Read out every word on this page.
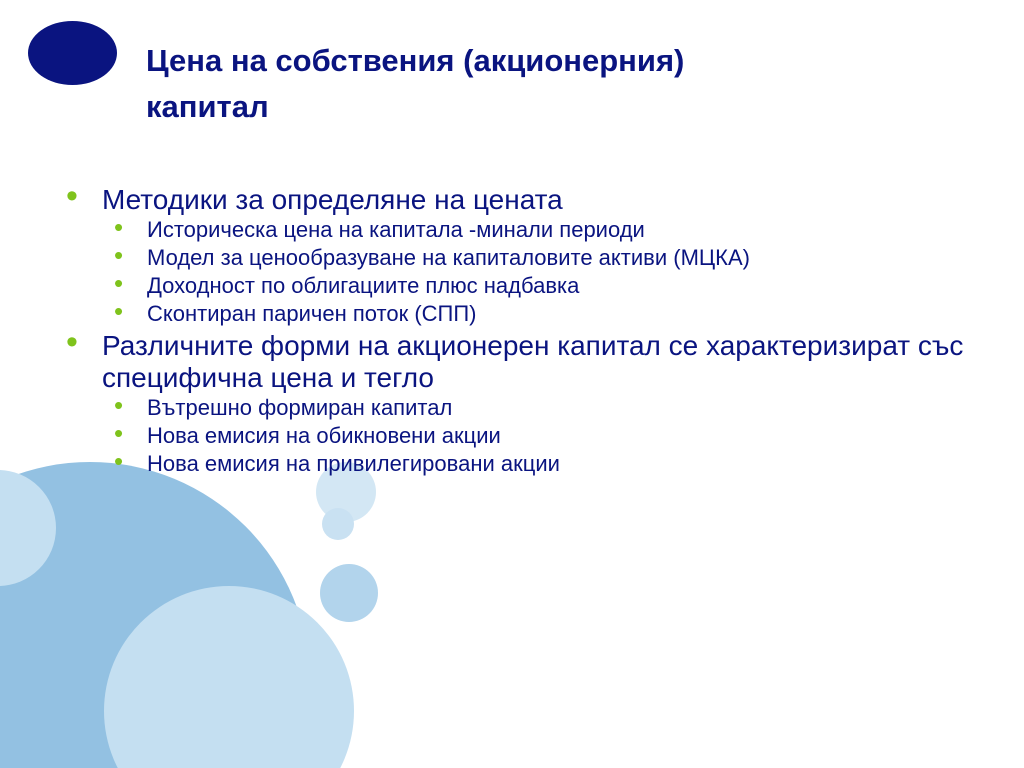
Цена на собствения (акционерния)
капитал
• Методики за определяне на цената
• Историческа цена на капитала -минали периоди
• Модел за ценообразуване на капиталовите активи (МЦКА)
• Доходност по облигациите плюс надбавка
• Сконтиран паричен поток (СПП)
• Различните форми на акционерен капитал се характеризират със специфична цена и тегло
• Вътрешно формиран капитал
• Нова емисия на обикновени акции
• Нова емисия на привилегировани акции
